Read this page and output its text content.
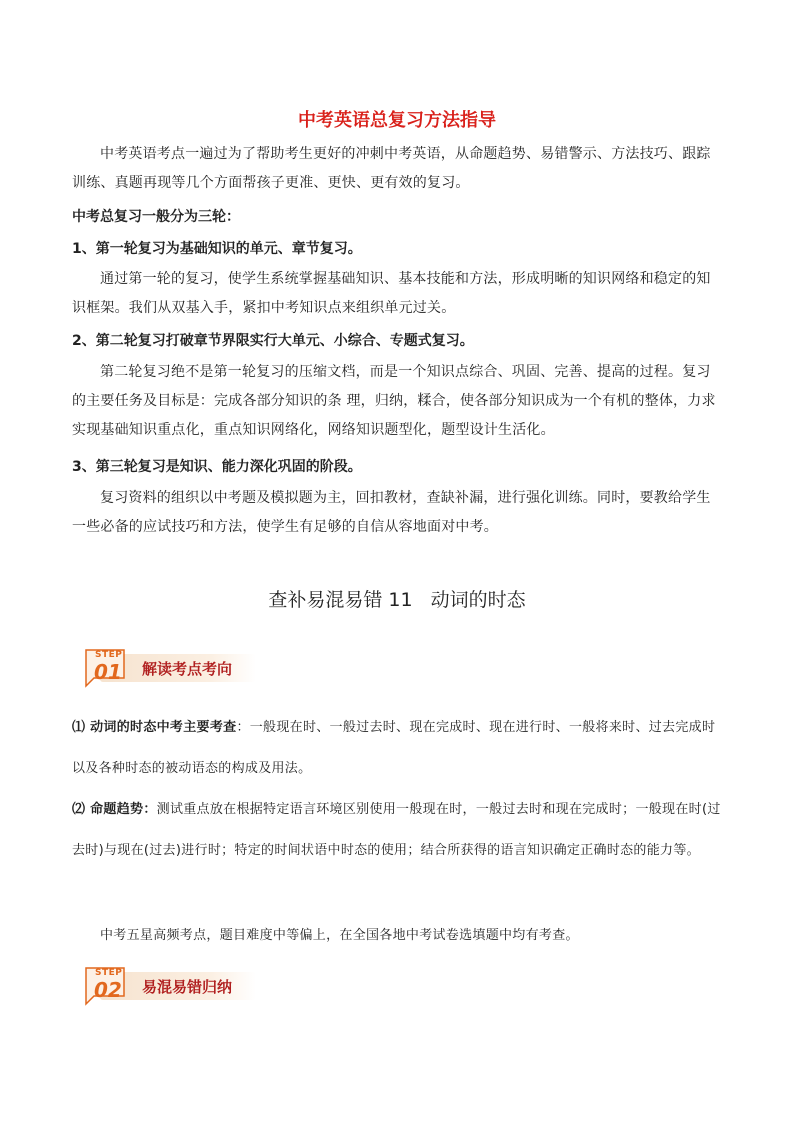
中考英语总复习方法指导

中考英语考点一遍过为了帮助考生更好的冲刺中考英语，从命题趋势、易错警示、方法技巧、跟踪训练、真题再现等几个方面帮孩子更准、更快、更有效的复习。

中考总复习一般分为三轮：

1、第一轮复习为基础知识的单元、章节复习。

通过第一轮的复习，使学生系统掌握基础知识、基本技能和方法，形成明晰的知识网络和稳定的知识框架。我们从双基入手，紧扣中考知识点来组织单元过关。

2、第二轮复习打破章节界限实行大单元、小综合、专题式复习。

第二轮复习绝不是第一轮复习的压缩文档，而是一个知识点综合、巩固、完善、提高的过程。复习的主要任务及目标是：完成各部分知识的条 理，归纳，糅合，使各部分知识成为一个有机的整体，力求实现基础知识重点化，重点知识网络化，网络知识题型化，题型设计生活化。

3、第三轮复习是知识、能力深化巩固的阶段。

复习资料的组织以中考题及模拟题为主，回扣教材，查缺补漏，进行强化训练。同时，要教给学生一些必备的应试技巧和方法，使学生有足够的自信从容地面对中考。

查补易混易错 11 动词的时态
STEP
01 解读考点考向

⑴ 动词的时态中考主要考查：一般现在时、一般过去时、现在完成时、现在进行时、一般将来时、过去完成时以及各种时态的被动语态的构成及用法。

⑵ 命题趋势：测试重点放在根据特定语言环境区别使用一般现在时，一般过去时和现在完成时；一般现在时(过去时)与现在(过去)进行时；特定的时间状语中时态的使用；结合所获得的语言知识确定正确时态的能力等。

中考五星高频考点，题目难度中等偏上，在全国各地中考试卷选填题中均有考查。

STEP
02 易混易错归纳
